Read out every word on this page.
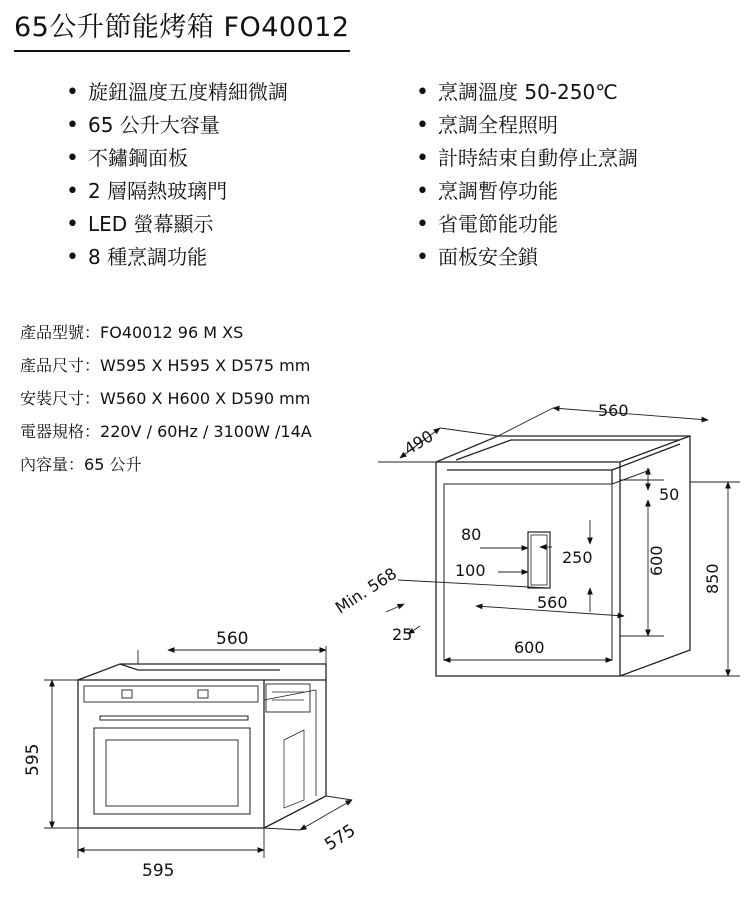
65公升節能烤箱 FO40012
• 旋鈕溫度五度精細微調
• 65 公升大容量
• 不鏽鋼面板
• 2 層隔熱玻璃門
• LED 螢幕顯示
• 8 種烹調功能
• 烹調溫度 50-250℃
• 烹調全程照明
• 計時結束自動停止烹調
• 烹調暫停功能
• 省電節能功能
• 面板安全鎖
產品型號：FO40012 96 M XS
產品尺寸：W595 X H595 X D575 mm
安裝尺寸：W560 X H600 X D590 mm
電器規格：220V / 60Hz / 3100W /14A
內容量：65 公升
560
490
50
80
250
100
560
600
600
850
Min. 568
25
560
595
595
575
